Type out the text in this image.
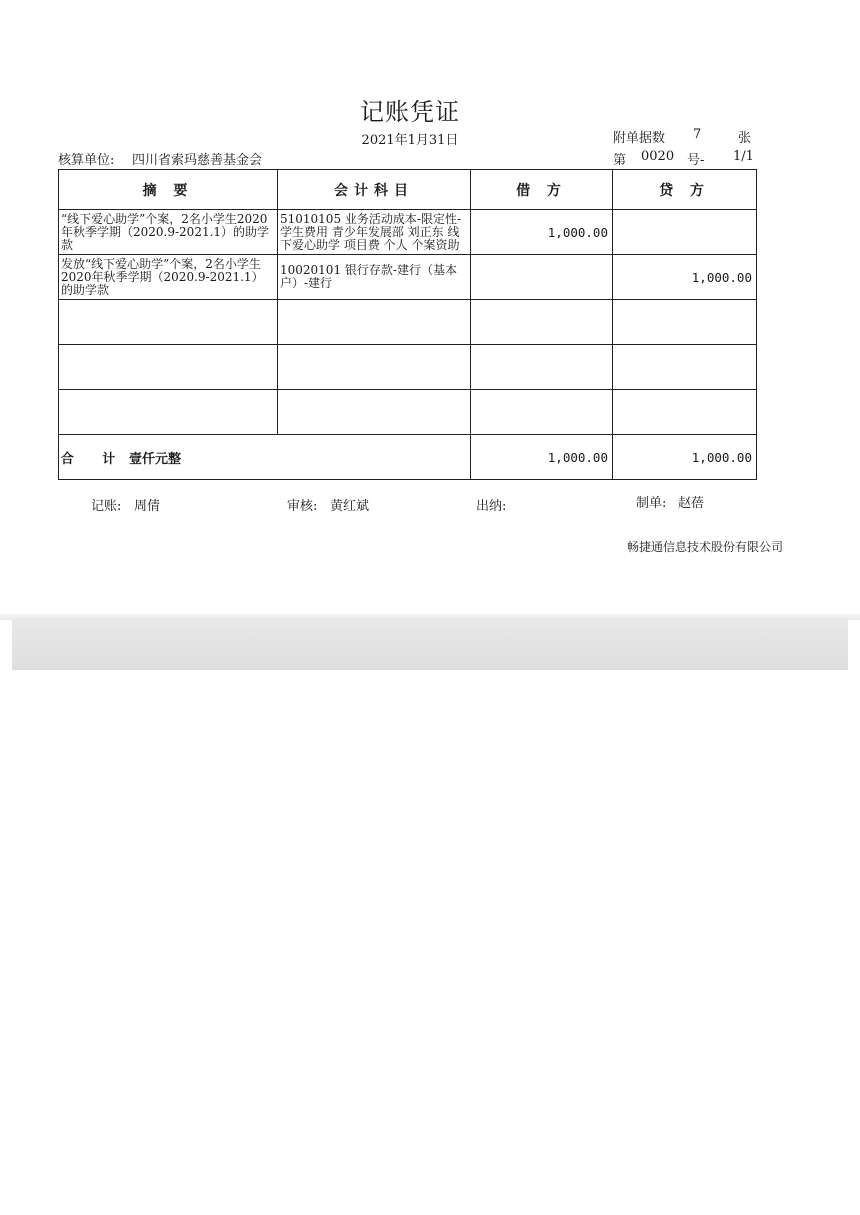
记账凭证
2021年1月31日	附单据数 7	张
核算单位: 四川省索玛慈善基金会	第 0020 号- 1/1
摘 要	会计科目	借 方	贷 方
“线下爱心助学”个案，2名小学生2020年秋季学期（2020.9-2021.1）的助学款	51010105 业务活动成本-限定性-学生费用 青少年发展部 刘正东 线下爱心助学 项目费 个人 个案资助	1,000.00	
发放“线下爱心助学”个案，2名小学生2020年秋季学期（2020.9-2021.1）的助学款	10020101 银行存款-建行（基本户）-建行		1,000.00

合 计 壹仟元整		1,000.00	1,000.00
记账: 周倩	审核: 黄红斌	出纳:	制单: 赵蓓
畅捷通信息技术股份有限公司
